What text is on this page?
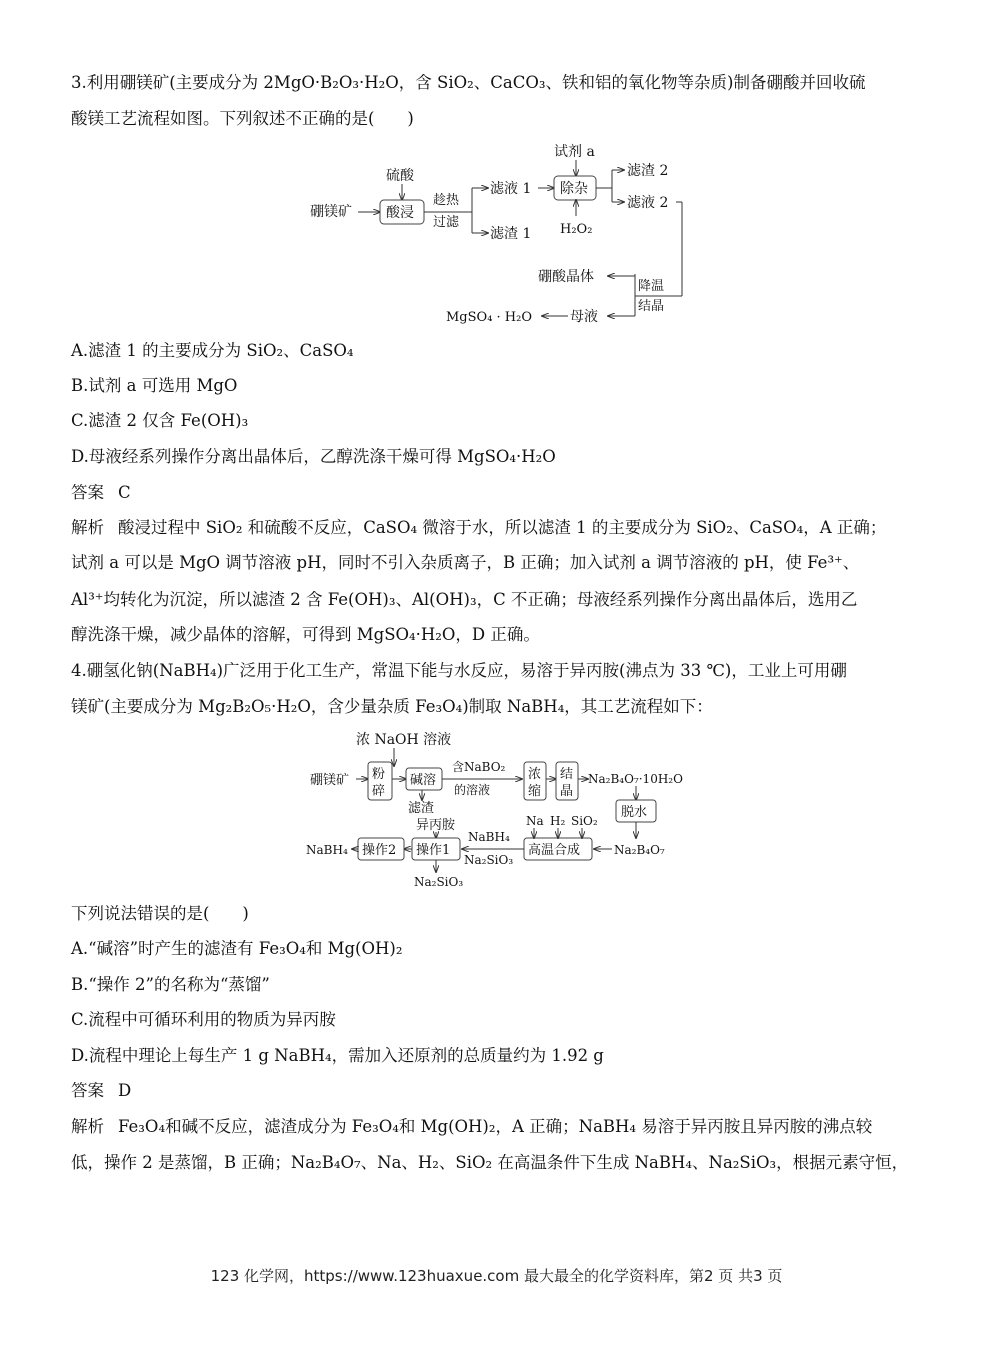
3.利用硼镁矿(主要成分为 2MgO·B₂O₃·H₂O，含 SiO₂、CaCO₃、铁和铝的氧化物等杂质)制备硼酸并回收硫
酸镁工艺流程如图。下列叙述不正确的是(　　)
硼镁矿
硫酸
酸浸
趁热
过滤
滤液 1
滤渣 1
试剂 a
除杂
H₂O₂
滤渣 2
滤液 2
降温
结晶
硼酸晶体
母液
MgSO₄ · H₂O
A.滤渣 1 的主要成分为 SiO₂、CaSO₄
B.试剂 a 可选用 MgO
C.滤渣 2 仅含 Fe(OH)₃
D.母液经系列操作分离出晶体后，乙醇洗涤干燥可得 MgSO₄·H₂O
答案 C
解析 酸浸过程中 SiO₂ 和硫酸不反应，CaSO₄ 微溶于水，所以滤渣 1 的主要成分为 SiO₂、CaSO₄，A 正确；
试剂 a 可以是 MgO 调节溶液 pH，同时不引入杂质离子，B 正确；加入试剂 a 调节溶液的 pH，使 Fe³⁺、
Al³⁺均转化为沉淀，所以滤渣 2 含 Fe(OH)₃、Al(OH)₃，C 不正确；母液经系列操作分离出晶体后，选用乙
醇洗涤干燥，减少晶体的溶解，可得到 MgSO₄·H₂O，D 正确。
4.硼氢化钠(NaBH₄)广泛用于化工生产，常温下能与水反应，易溶于异丙胺(沸点为 33 ℃)，工业上可用硼
镁矿(主要成分为 Mg₂B₂O₅·H₂O，含少量杂质 Fe₃O₄)制取 NaBH₄，其工艺流程如下：
浓 NaOH 溶液
硼镁矿 粉
碎
碱溶
含NaBO₂
的溶液
滤渣
浓
缩
结
晶
Na₂B₄O₇·10H₂O
脱水
Na₂B₄O₇
高温合成
Na H₂ SiO₂
NaBH₄
Na₂SiO₃
异丙胺
操作1
Na₂SiO₃
操作2
NaBH₄
下列说法错误的是(　　)
A.“碱溶”时产生的滤渣有 Fe₃O₄和 Mg(OH)₂
B.“操作 2”的名称为“蒸馏”
C.流程中可循环利用的物质为异丙胺
D.流程中理论上每生产 1 g NaBH₄，需加入还原剂的总质量约为 1.92 g
答案 D
解析 Fe₃O₄和碱不反应，滤渣成分为 Fe₃O₄和 Mg(OH)₂，A 正确；NaBH₄ 易溶于异丙胺且异丙胺的沸点较
低，操作 2 是蒸馏，B 正确；Na₂B₄O₇、Na、H₂、SiO₂ 在高温条件下生成 NaBH₄、Na₂SiO₃，根据元素守恒，
123 化学网，https://www.123huaxue.com 最大最全的化学资料库，第2 页 共3 页
